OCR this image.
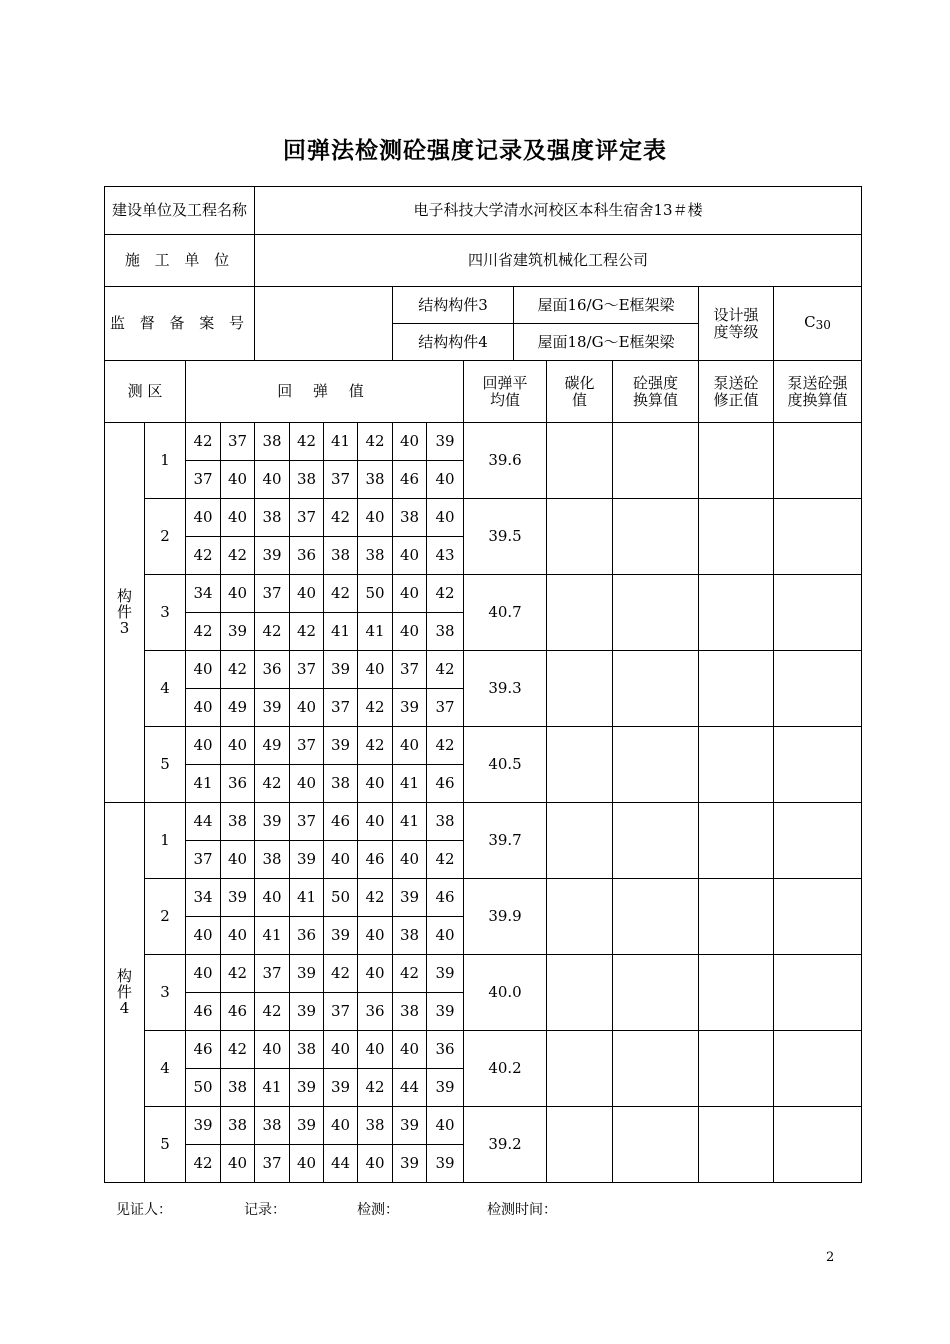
回弹法检测砼强度记录及强度评定表
建设单位及工程名称				电子科技大学清水河校区本科生宿舍13＃楼											
施 工 单 位				四川省建筑机械化工程公司											
监 督 备 案 号								结构构件3			屋面16/G～E框架梁			设计强度等级	$C_{30}$
								结构构件4			屋面18/G～E框架梁				
测 区		回 弹 值								回弹平均值		碳化值	砼强度换算值	泵送砼修正值	泵送砼强度换算值
构件3	1	42	37	38	42	41	42	40	39	39.6					
		37	40	40	38	37	38	46	40						
	2	40	40	38	37	42	40	38	40	39.5					
		42	42	39	36	38	38	40	43						
	3	34	40	37	40	42	50	40	42	40.7					
		42	39	42	42	41	41	40	38						
	4	40	42	36	37	39	40	37	42	39.3					
		40	49	39	40	37	42	39	37						
	5	40	40	49	37	39	42	40	42	40.5					
		41	36	42	40	38	40	41	46						
构件4	1	44	38	39	37	46	40	41	38	39.7					
		37	40	38	39	40	46	40	42						
	2	34	39	40	41	50	42	39	46	39.9					
		40	40	41	36	39	40	38	40						
	3	40	42	37	39	42	40	42	39	40.0					
		46	46	42	39	37	36	38	39						
	4	46	42	40	38	40	40	40	36	40.2					
		50	38	41	39	39	42	44	39						
	5	39	38	38	39	40	38	39	40	39.2					
		42	40	37	40	44	40	39	39						
见证人：	记录：	检测：	检测时间：
2
